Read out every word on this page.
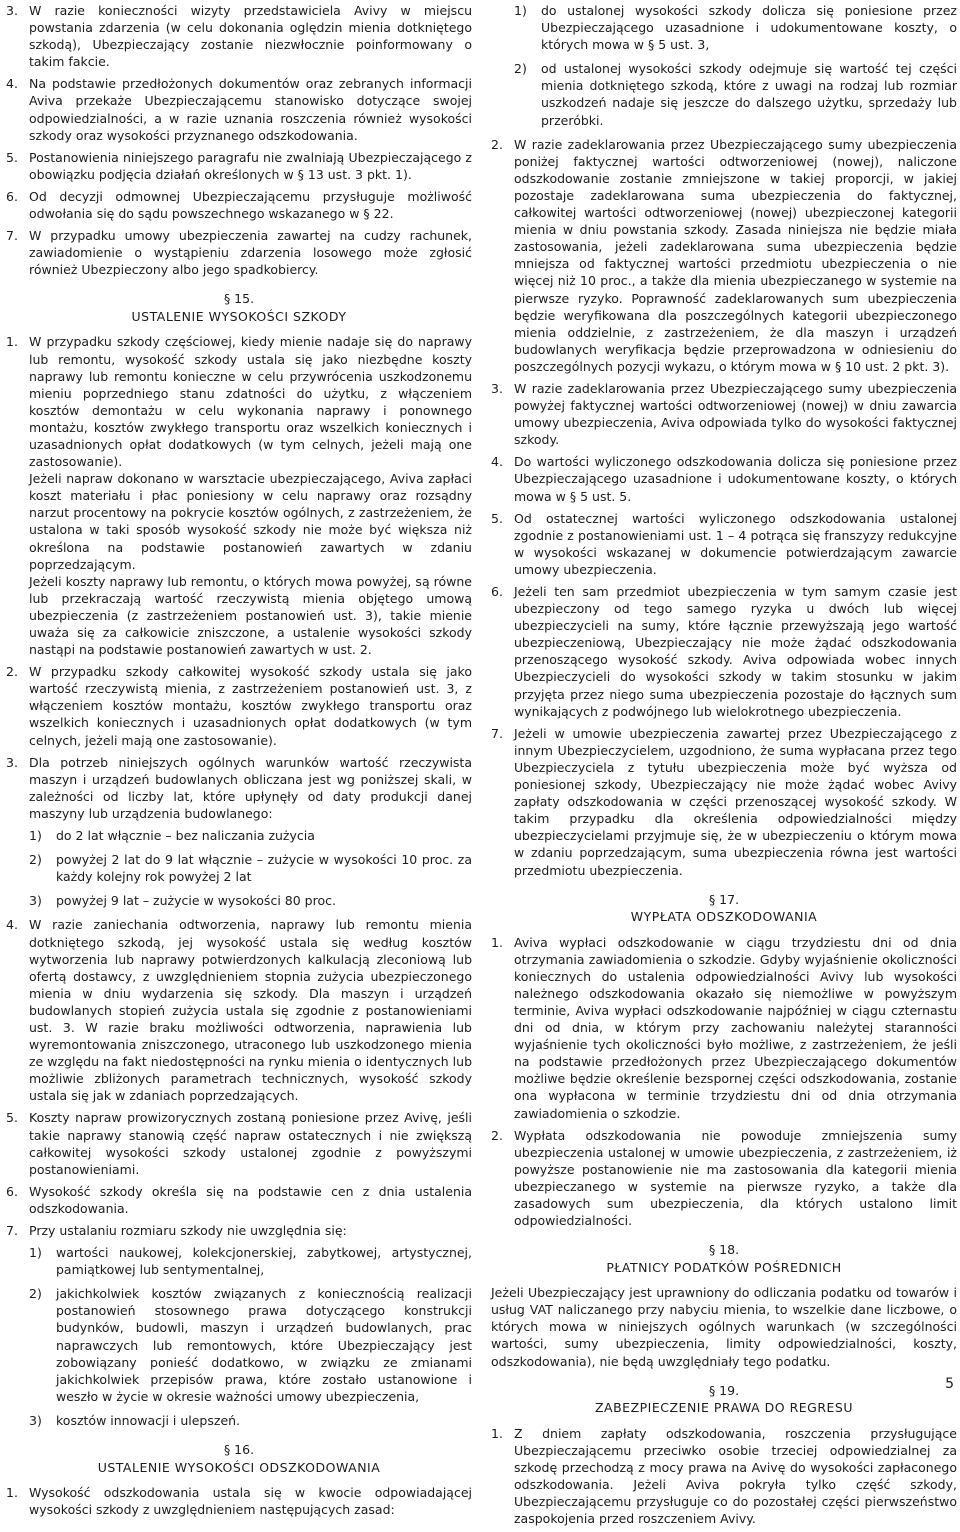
3. W razie konieczności wizyty przedstawiciela Avivy w miejscu powstania zdarzenia (w celu dokonania oględzin mienia dotkniętego szkodą), Ubezpieczający zostanie niezwłocznie poinformowany o takim fakcie.
4. Na podstawie przedłożonych dokumentów oraz zebranych informacji Aviva przekaże Ubezpieczającemu stanowisko dotyczące swojej odpowiedzialności, a w razie uznania roszczenia również wysokości szkody oraz wysokości przyznanego odszkodowania.
5. Postanowienia niniejszego paragrafu nie zwalniają Ubezpieczającego z obowiązku podjęcia działań określonych w § 13 ust. 3 pkt. 1).
6. Od decyzji odmownej Ubezpieczającemu przysługuje możliwość odwołania się do sądu powszechnego wskazanego w § 22.
7. W przypadku umowy ubezpieczenia zawartej na cudzy rachunek, zawiadomienie o wystąpieniu zdarzenia losowego może zgłosić również Ubezpieczony albo jego spadkobiercy.
§ 15.
USTALENIE WYSOKOŚCI SZKODY
1. W przypadku szkody częściowej, kiedy mienie nadaje się do naprawy lub remontu, wysokość szkody ustala się jako niezbędne koszty naprawy lub remontu konieczne w celu przywrócenia uszkodzonemu mieniu poprzedniego stanu zdatności do użytku, z włączeniem kosztów demontażu w celu wykonania naprawy i ponownego montażu, kosztów zwykłego transportu oraz wszelkich koniecznych i uzasadnionych opłat dodatkowych (w tym celnych, jeżeli mają one zastosowanie).
Jeżeli napraw dokonano w warsztacie ubezpieczającego, Aviva zapłaci koszt materiału i płac poniesiony w celu naprawy oraz rozsądny narzut procentowy na pokrycie kosztów ogólnych, z zastrzeżeniem, że ustalona w taki sposób wysokość szkody nie może być większa niż określona na podstawie postanowień zawartych w zdaniu poprzedzającym.
Jeżeli koszty naprawy lub remontu, o których mowa powyżej, są równe lub przekraczają wartość rzeczywistą mienia objętego umową ubezpieczenia (z zastrzeżeniem postanowień ust. 3), takie mienie uważa się za całkowicie zniszczone, a ustalenie wysokości szkody nastąpi na podstawie postanowień zawartych w ust. 2.
2. W przypadku szkody całkowitej wysokość szkody ustala się jako wartość rzeczywistą mienia, z zastrzeżeniem postanowień ust. 3, z włączeniem kosztów montażu, kosztów zwykłego transportu oraz wszelkich koniecznych i uzasadnionych opłat dodatkowych (w tym celnych, jeżeli mają one zastosowanie).
3. Dla potrzeb niniejszych ogólnych warunków wartość rzeczywista maszyn i urządzeń budowlanych obliczana jest wg poniższej skali, w zależności od liczby lat, które upłynęły od daty produkcji danej maszyny lub urządzenia budowlanego:
1) do 2 lat włącznie – bez naliczania zużycia
2) powyżej 2 lat do 9 lat włącznie – zużycie w wysokości 10 proc. za każdy kolejny rok powyżej 2 lat
3) powyżej 9 lat – zużycie w wysokości 80 proc.
4. W razie zaniechania odtworzenia, naprawy lub remontu mienia dotkniętego szkodą, jej wysokość ustala się według kosztów wytworzenia lub naprawy potwierdzonych kalkulacją zleconiową lub ofertą dostawcy, z uwzględnieniem stopnia zużycia ubezpieczonego mienia w dniu wydarzenia się szkody. Dla maszyn i urządzeń budowlanych stopień zużycia ustala się zgodnie z postanowieniami ust. 3. W razie braku możliwości odtworzenia, naprawienia lub wyremontowania zniszczonego, utraconego lub uszkodzonego mienia ze względu na fakt niedostępności na rynku mienia o identycznych lub możliwie zbliżonych parametrach technicznych, wysokość szkody ustala się jak w zdaniach poprzedzających.
5. Koszty napraw prowizorycznych zostaną poniesione przez Avivę, jeśli takie naprawy stanowią część napraw ostatecznych i nie zwiększą całkowitej wysokości szkody ustalonej zgodnie z powyższymi postanowieniami.
6. Wysokość szkody określa się na podstawie cen z dnia ustalenia odszkodowania.
7. Przy ustalaniu rozmiaru szkody nie uwzględnia się:
1) wartości naukowej, kolekcjonerskiej, zabytkowej, artystycznej, pamiątkowej lub sentymentalnej,
2) jakichkolwiek kosztów związanych z koniecznością realizacji postanowień stosownego prawa dotyczącego konstrukcji budynków, budowli, maszyn i urządzeń budowlanych, prac naprawczych lub remontowych, które Ubezpieczający jest zobowiązany ponieść dodatkowo, w związku ze zmianami jakichkolwiek przepisów prawa, które zostało ustanowione i weszło w życie w okresie ważności umowy ubezpieczenia,
3) kosztów innowacji i ulepszeń.
§ 16.
USTALENIE WYSOKOŚCI ODSZKODOWANIA
1. Wysokość odszkodowania ustala się w kwocie odpowiadającej wysokości szkody z uwzględnieniem następujących zasad:
1) do ustalonej wysokości szkody dolicza się poniesione przez Ubezpieczającego uzasadnione i udokumentowane koszty, o których mowa w § 5 ust. 3,
2) od ustalonej wysokości szkody odejmuje się wartość tej części mienia dotkniętego szkodą, które z uwagi na rodzaj lub rozmiar uszkodzeń nadaje się jeszcze do dalszego użytku, sprzedaży lub przeróbki.
2. W razie zadeklarowania przez Ubezpieczającego sumy ubezpieczenia poniżej faktycznej wartości odtworzeniowej (nowej), naliczone odszkodowanie zostanie zmniejszone w takiej proporcji, w jakiej pozostaje zadeklarowana suma ubezpieczenia do faktycznej, całkowitej wartości odtworzeniowej (nowej) ubezpieczonej kategorii mienia w dniu powstania szkody. Zasada niniejsza nie będzie miała zastosowania, jeżeli zadeklarowana suma ubezpieczenia będzie mniejsza od faktycznej wartości przedmiotu ubezpieczenia o nie więcej niż 10 proc., a także dla mienia ubezpieczanego w systemie na pierwsze ryzyko. Poprawność zadeklarowanych sum ubezpieczenia będzie weryfikowana dla poszczególnych kategorii ubezpieczonego mienia oddzielnie, z zastrzeżeniem, że dla maszyn i urządzeń budowlanych weryfikacja będzie przeprowadzona w odniesieniu do poszczególnych pozycji wykazu, o którym mowa w § 10 ust. 2 pkt. 3).
3. W razie zadeklarowania przez Ubezpieczającego sumy ubezpieczenia powyżej faktycznej wartości odtworzeniowej (nowej) w dniu zawarcia umowy ubezpieczenia, Aviva odpowiada tylko do wysokości faktycznej szkody.
4. Do wartości wyliczonego odszkodowania dolicza się poniesione przez Ubezpieczającego uzasadnione i udokumentowane koszty, o których mowa w § 5 ust. 5.
5. Od ostatecznej wartości wyliczonego odszkodowania ustalonej zgodnie z postanowieniami ust. 1 – 4 potrąca się franszyzy redukcyjne w wysokości wskazanej w dokumencie potwierdzającym zawarcie umowy ubezpieczenia.
6. Jeżeli ten sam przedmiot ubezpieczenia w tym samym czasie jest ubezpieczony od tego samego ryzyka u dwóch lub więcej ubezpieczycieli na sumy, które łącznie przewyższają jego wartość ubezpieczeniową, Ubezpieczający nie może żądać odszkodowania przenoszącego wysokość szkody. Aviva odpowiada wobec innych Ubezpieczycieli do wysokości szkody w takim stosunku w jakim przyjęta przez niego suma ubezpieczenia pozostaje do łącznych sum wynikających z podwójnego lub wielokrotnego ubezpieczenia.
7. Jeżeli w umowie ubezpieczenia zawartej przez Ubezpieczającego z innym Ubezpieczycielem, uzgodniono, że suma wypłacana przez tego Ubezpieczyciela z tytułu ubezpieczenia może być wyższa od poniesionej szkody, Ubezpieczający nie może żądać wobec Avivy zapłaty odszkodowania w części przenoszącej wysokość szkody. W takim przypadku dla określenia odpowiedzialności między ubezpieczycielami przyjmuje się, że w ubezpieczeniu o którym mowa w zdaniu poprzedzającym, suma ubezpieczenia równa jest wartości przedmiotu ubezpieczenia.
§ 17.
WYPŁATA ODSZKODOWANIA
1. Aviva wypłaci odszkodowanie w ciągu trzydziestu dni od dnia otrzymania zawiadomienia o szkodzie. Gdyby wyjaśnienie okoliczności koniecznych do ustalenia odpowiedzialności Avivy lub wysokości należnego odszkodowania okazało się niemożliwe w powyższym terminie, Aviva wypłaci odszkodowanie najpóźniej w ciągu czternastu dni od dnia, w którym przy zachowaniu należytej staranności wyjaśnienie tych okoliczności było możliwe, z zastrzeżeniem, że jeśli na podstawie przedłożonych przez Ubezpieczającego dokumentów możliwe będzie określenie bezspornej części odszkodowania, zostanie ona wypłacona w terminie trzydziestu dni od dnia otrzymania zawiadomienia o szkodzie.
2. Wypłata odszkodowania nie powoduje zmniejszenia sumy ubezpieczenia ustalonej w umowie ubezpieczenia, z zastrzeżeniem, iż powyższe postanowienie nie ma zastosowania dla kategorii mienia ubezpieczanego w systemie na pierwsze ryzyko, a także dla zasadowych sum ubezpieczenia, dla których ustalono limit odpowiedzialności.
§ 18.
PŁATNICY PODATKÓW POŚREDNICH
Jeżeli Ubezpieczający jest uprawniony do odliczania podatku od towarów i usług VAT naliczanego przy nabyciu mienia, to wszelkie dane liczbowe, o których mowa w niniejszych ogólnych warunkach (w szczególności wartości, sumy ubezpieczenia, limity odpowiedzialności, koszty, odszkodowania), nie będą uwzględniały tego podatku.
§ 19.
ZABEZPIECZENIE PRAWA DO REGRESU
1. Z dniem zapłaty odszkodowania, roszczenia przysługujące Ubezpieczającemu przeciwko osobie trzeciej odpowiedzialnej za szkodę przechodzą z mocy prawa na Avivę do wysokości zapłaconego odszkodowania. Jeżeli Aviva pokryła tylko część szkody, Ubezpieczającemu przysługuje co do pozostałej części pierwszeństwo zaspokojenia przed roszczeniem Avivy.
5
